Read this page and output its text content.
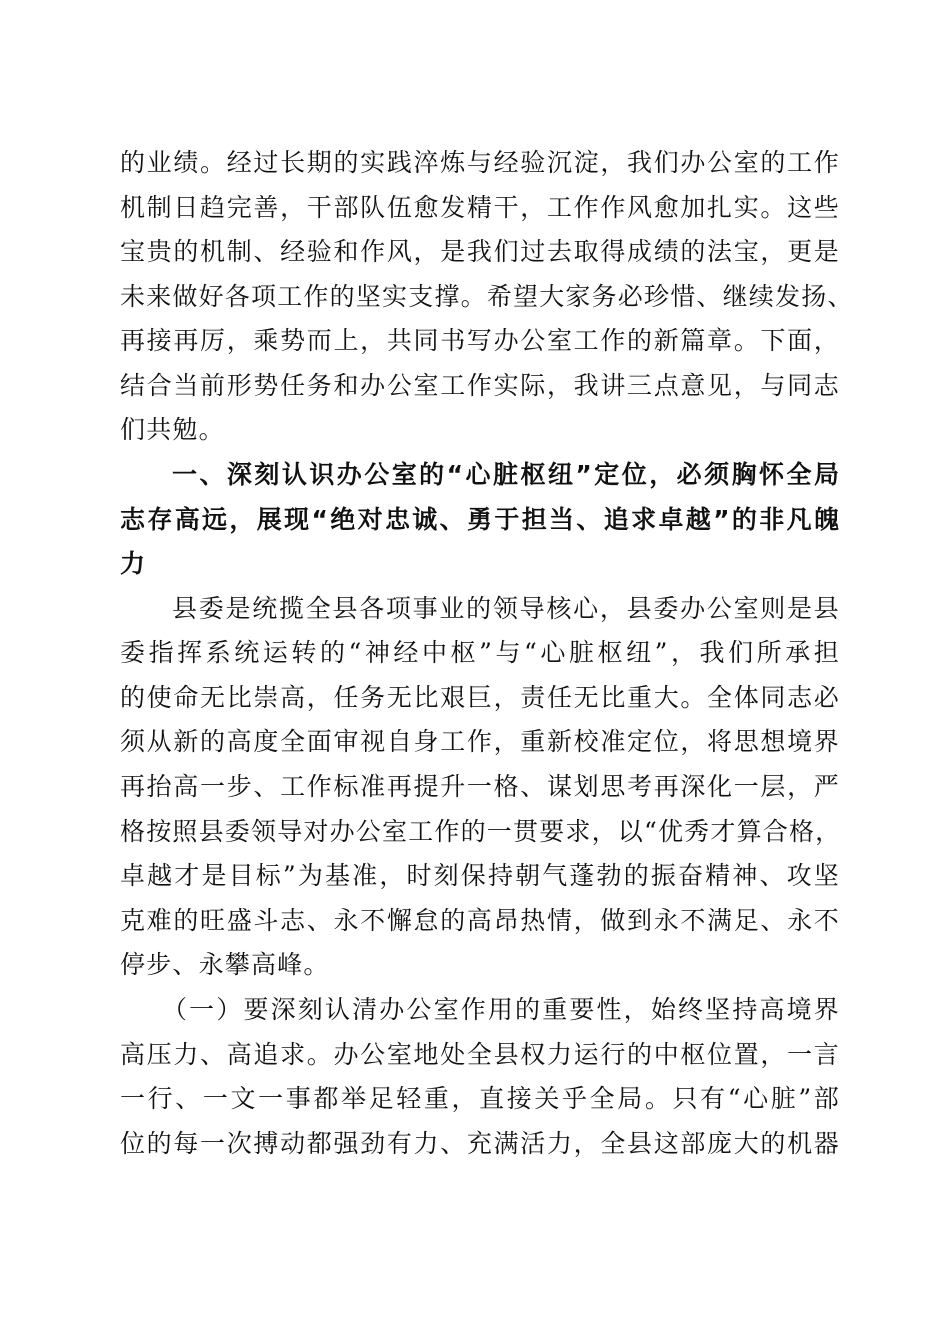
的业绩。经过长期的实践淬炼与经验沉淀，我们办公室的工作
机制日趋完善，干部队伍愈发精干，工作作风愈加扎实。这些
宝贵的机制、经验和作风，是我们过去取得成绩的法宝，更是
未来做好各项工作的坚实支撑。希望大家务必珍惜、继续发扬、
再接再厉，乘势而上，共同书写办公室工作的新篇章。下面，
结合当前形势任务和办公室工作实际，我讲三点意见，与同志
们共勉。
一、深刻认识办公室的“心脏枢纽”定位，必须胸怀全局
志存高远，展现“绝对忠诚、勇于担当、追求卓越”的非凡魄
力
县委是统揽全县各项事业的领导核心，县委办公室则是县
委指挥系统运转的“神经中枢”与“心脏枢纽”，我们所承担
的使命无比崇高，任务无比艰巨，责任无比重大。全体同志必
须从新的高度全面审视自身工作，重新校准定位，将思想境界
再抬高一步、工作标准再提升一格、谋划思考再深化一层，严
格按照县委领导对办公室工作的一贯要求，以“优秀才算合格，
卓越才是目标”为基准，时刻保持朝气蓬勃的振奋精神、攻坚
克难的旺盛斗志、永不懈怠的高昂热情，做到永不满足、永不
停步、永攀高峰。
（一）要深刻认清办公室作用的重要性，始终坚持高境界
高压力、高追求。办公室地处全县权力运行的中枢位置，一言
一行、一文一事都举足轻重，直接关乎全局。只有“心脏”部
位的每一次搏动都强劲有力、充满活力，全县这部庞大的机器
